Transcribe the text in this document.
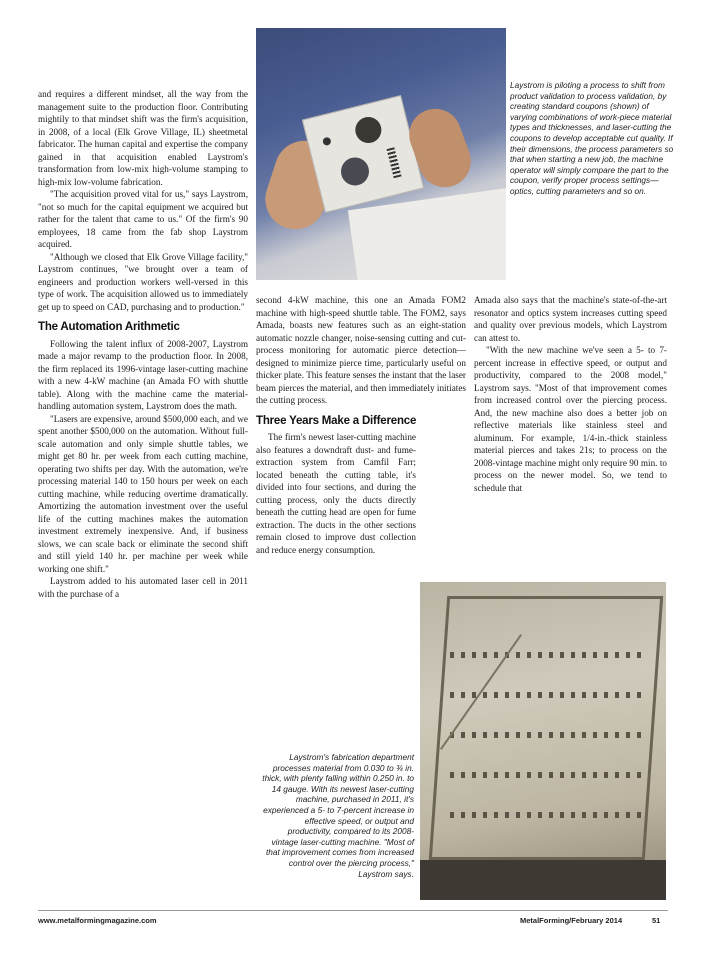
Laystrom is piloting a process to shift from product validation to process validation, by creating standard coupons (shown) of varying combinations of work-piece material types and thicknesses, and laser-cutting the coupons to develop acceptable cut quality. If their dimensions, the process parameters so that when starting a new job, the machine operator will simply compare the part to the coupon, verify proper process settings—optics, cutting parameters and so on.

and requires a different mindset, all the way from the management suite to the production floor. Contributing mightily to that mindset shift was the firm's acquisition, in 2008, of a local (Elk Grove Village, IL) sheetmetal fabricator. The human capital and expertise the company gained in that acquisition enabled Laystrom's transformation from low-mix high-volume stamping to high-mix low-volume fabrication.

"The acquisition proved vital for us," says Laystrom, "not so much for the capital equipment we acquired but rather for the talent that came to us." Of the firm's 90 employees, 18 came from the fab shop Laystrom acquired.

"Although we closed that Elk Grove Village facility," Laystrom continues, "we brought over a team of engineers and production workers well-versed in this type of work. The acquisition allowed us to immediately get up to speed on CAD, purchasing and to production."

The Automation Arithmetic

Following the talent influx of 2008-2007, Laystrom made a major revamp to the production floor. In 2008, the firm replaced its 1996-vintage laser-cutting machine with a new 4-kW machine (an Amada FO with shuttle table). Along with the machine came the material-handling automation system, Laystrom does the math.

"Lasers are expensive, around $500,000 each, and we spent another $500,000 on the automation. Without full-scale automation and only simple shuttle tables, we might get 80 hr. per week from each cutting machine, operating two shifts per day. With the automation, we're processing material 140 to 150 hours per week on each cutting machine, while reducing overtime dramatically. Amortizing the automation investment over the useful life of the cutting machines makes the automation investment extremely inexpensive. And, if business slows, we can scale back or eliminate the second shift and still yield 140 hr. per machine per week while working one shift."

Laystrom added to his automated laser cell in 2011 with the purchase of a

second 4-kW machine, this one an Amada FOM2 machine with high-speed shuttle table. The FOM2, says Amada, boasts new features such as an eight-station automatic nozzle changer, noise-sensing cutting and cut-process monitoring for automatic pierce detection—designed to minimize pierce time, particularly useful on thicker plate. This feature senses the instant that the laser beam pierces the material, and then immediately initiates the cutting process.

Three Years Make a Difference

The firm's newest laser-cutting machine also features a downdraft dust- and fume-extraction system from Camfil Farr; located beneath the cutting table, it's divided into four sections, and during the cutting process, only the ducts directly beneath the cutting head are open for fume extraction. The ducts in the other sections remain closed to improve dust collection and reduce energy consumption.

Amada also says that the machine's state-of-the-art resonator and optics system increases cutting speed and quality over previous models, which Laystrom can attest to.

"With the new machine we've seen a 5- to 7-percent increase in effective speed, or output and productivity, compared to the 2008 model," Laystrom says. "Most of that improvement comes from increased control over the piercing process. And, the new machine also does a better job on reflective materials like stainless steel and aluminum. For example, 1/4-in.-thick stainless material pierces and takes 21s; to process on the 2008-vintage machine might only require 90 min. to process on the newer model. So, we tend to schedule that

Laystrom's fabrication department processes material from 0.030 to ¾ in. thick, with plenty falling within 0.250 in. to 14 gauge. With its newest laser-cutting machine, purchased in 2011, it's experienced a 5- to 7-percent increase in effective speed, or output and productivity, compared to its 2008-vintage laser-cutting machine. "Most of that improvement comes from increased control over the piercing process," Laystrom says.
www.metalformingmagazine.com	MetalForming/February 2014	51
